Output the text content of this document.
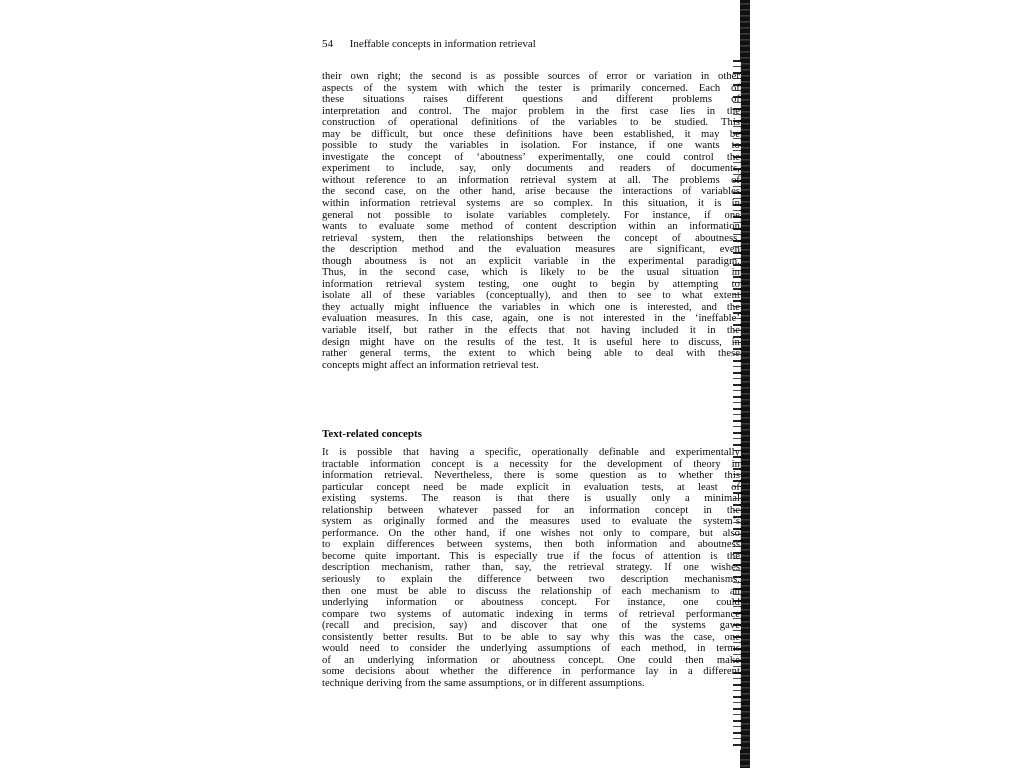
54 Ineffable concepts in information retrieval

their own right; the second is as possible sources of error or variation in other
aspects of the system with which the tester is primarily concerned. Each of
these situations raises different questions and different problems of
interpretation and control. The major problem in the first case lies in the
construction of operational definitions of the variables to be studied. This
may be difficult, but once these definitions have been established, it may be
possible to study the variables in isolation. For instance, if one wants to
investigate the concept of ‘aboutness’ experimentally, one could control the
experiment to include, say, only documents and readers of documents,
without reference to an information retrieval system at all. The problems of
the second case, on the other hand, arise because the interactions of variables
within information retrieval systems are so complex. In this situation, it is in
general not possible to isolate variables completely. For instance, if one
wants to evaluate some method of content description within an information
retrieval system, then the relationships between the concept of aboutness,
the description method and the evaluation measures are significant, even
though aboutness is not an explicit variable in the experimental paradigm.
Thus, in the second case, which is likely to be the usual situation in
information retrieval system testing, one ought to begin by attempting to
isolate all of these variables (conceptually), and then to see to what extent
they actually might influence the variables in which one is interested, and the
evaluation measures. In this case, again, one is not interested in the ‘ineffable’
variable itself, but rather in the effects that not having included it in the
design might have on the results of the test. It is useful here to discuss, in
rather general terms, the extent to which being able to deal with these
concepts might affect an information retrieval test.

Text-related concepts

It is possible that having a specific, operationally definable and experimentally
tractable information concept is a necessity for the development of theory in
information retrieval. Nevertheless, there is some question as to whether this
particular concept need be made explicit in evaluation tests, at least of
existing systems. The reason is that there is usually only a minimal
relationship between whatever passed for an information concept in the
system as originally formed and the measures used to evaluate the system’s
performance. On the other hand, if one wishes not only to compare, but also
to explain differences between systems, then both information and aboutness
become quite important. This is especially true if the focus of attention is the
description mechanism, rather than, say, the retrieval strategy. If one wishes
seriously to explain the difference between two description mechanisms,
then one must be able to discuss the relationship of each mechanism to an
underlying information or aboutness concept. For instance, one could
compare two systems of automatic indexing in terms of retrieval performance
(recall and precision, say) and discover that one of the systems gave
consistently better results. But to be able to say why this was the case, one
would need to consider the underlying assumptions of each method, in terms
of an underlying information or aboutness concept. One could then make
some decisions about whether the difference in performance lay in a different
technique deriving from the same assumptions, or in different assumptions.
